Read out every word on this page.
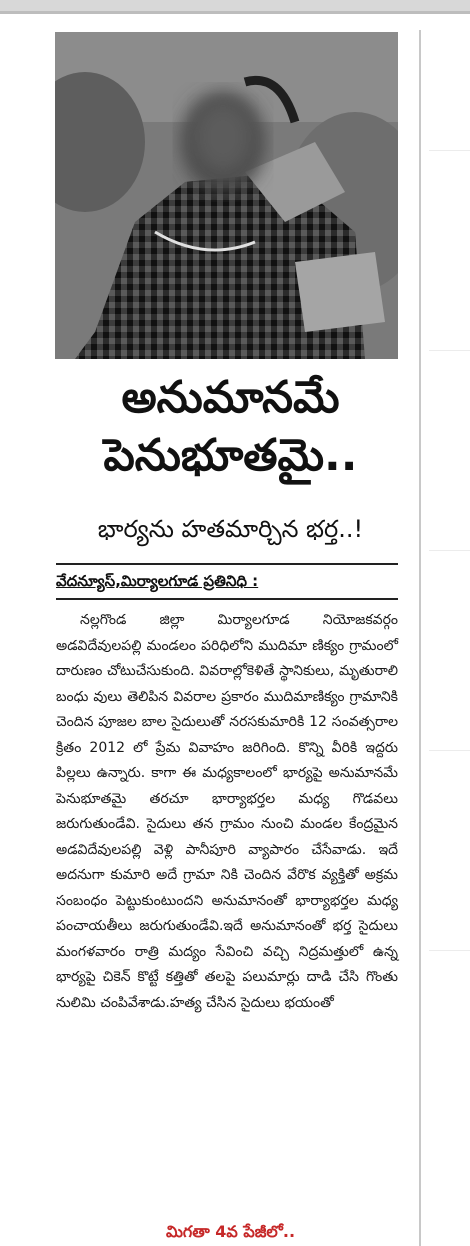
అనుమానమే
పెనుభూతమై..
భార్యను హతమార్చిన భర్త..!
వేదన్యూస్,మిర్యాలగూడ ప్రతినిధి :
నల్లగొండ జిల్లా మిర్యాలగూడ నియోజకవర్గం అడవిదేవులపల్లి మండలం పరిధిలోని ముదిమా ణిక్యం గ్రామంలో దారుణం చోటుచేసుకుంది. వివరాల్లోకెళితే స్థానికులు, మృతురాలి బంధు వులు తెలిపిన వివరాల ప్రకారం ముదిమాణిక్యం గ్రామానికి చెందిన పూజల బాల సైదులుతో నరసకుమారికి 12 సంవత్సరాల క్రితం 2012 లో ప్రేమ వివాహం జరిగింది. కొన్ని వీరికి ఇద్దరు పిల్లలు ఉన్నారు. కాగా ఈ మధ్యకాలంలో భార్యపై అనుమానమే పెనుభూతమై తరచూ భార్యాభర్తల మధ్య గొడవలు జరుగుతుండేవి. సైదులు తన గ్రామం నుంచి మండల కేంద్రమైన అడవిదేవులపల్లి వెళ్లి పానీపూరి వ్యాపారం చేసేవాడు. ఇదే అదనుగా కుమారి అదే గ్రామా నికి చెందిన వేరొక వ్యక్తితో అక్రమ సంబంధం పెట్టుకుంటుందని అనుమానంతో భార్యాభర్తల మధ్య పంచాయతీలు జరుగుతుండేవి.ఇదే అనుమానంతో భర్త సైదులు మంగళవారం రాత్రి మద్యం సేవించి వచ్చి నిద్రమత్తులో ఉన్న భార్యపై చికెన్ కొట్టే కత్తితో తలపై పలుమార్లు దాడి చేసి గొంతు నులిమి చంపివేశాడు.హత్య చేసిన సైదులు భయంతో
మిగతా 4వ పేజీలో..
